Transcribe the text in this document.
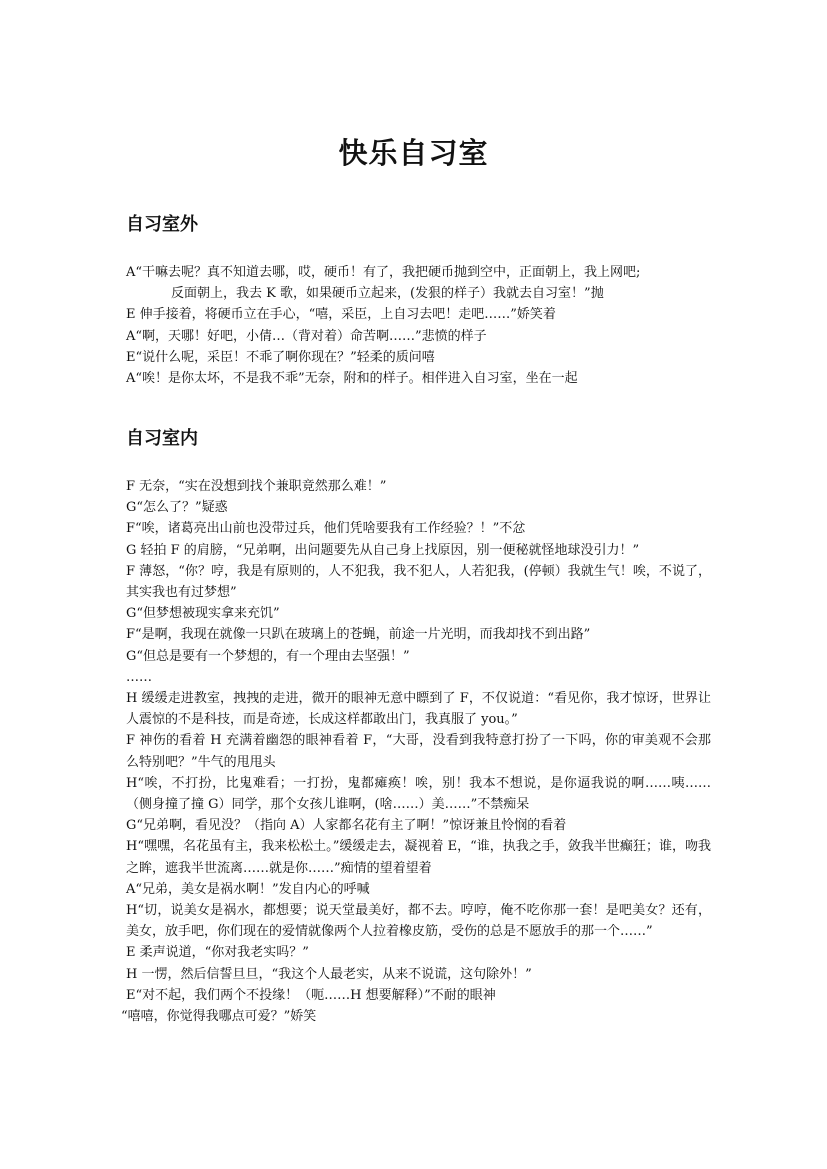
快乐自习室
自习室外

A“干嘛去呢？真不知道去哪，哎，硬币！有了，我把硬币抛到空中，正面朝上，我上网吧;

反面朝上，我去 K 歌，如果硬币立起来，(发狠的样子）我就去自习室！”抛

E 伸手接着，将硬币立在手心，“嘻，采臣，上自习去吧！走吧……”娇笑着

A“啊，天哪！好吧，小倩…（背对着）命苦啊……”悲愤的样子

E“说什么呢，采臣！不乖了啊你现在？”轻柔的质问嘻

A“唉！是你太坏，不是我不乖”无奈，附和的样子。相伴进入自习室，坐在一起

自习室内

F 无奈，“实在没想到找个兼职竟然那么难！”

G“怎么了？”疑惑

F“唉，诸葛亮出山前也没带过兵，他们凭啥要我有工作经验？！”不忿

G 轻拍 F 的肩膀，“兄弟啊，出问题要先从自己身上找原因，别一便秘就怪地球没引力！”

F 薄怒，“你？哼，我是有原则的，人不犯我，我不犯人，人若犯我，(停顿）我就生气！唉，不说了，其实我也有过梦想”

G“但梦想被现实拿来充饥”

F“是啊，我现在就像一只趴在玻璃上的苍蝇，前途一片光明，而我却找不到出路”

G“但总是要有一个梦想的，有一个理由去坚强！”

……

H 缓缓走进教室，拽拽的走进，微开的眼神无意中瞟到了 F，不仅说道：“看见你，我才惊讶，世界让人震惊的不是科技，而是奇迹，长成这样都敢出门，我真服了 you。”

F 神伤的看着 H 充满着幽怨的眼神看着 F，“大哥，没看到我特意打扮了一下吗，你的审美观不会那么特别吧？”牛气的甩甩头

H“唉，不打扮，比鬼难看；一打扮，鬼都瘫痪！唉，别！我本不想说，是你逼我说的啊……咦……（侧身撞了撞 G）同学，那个女孩儿谁啊，(啥……）美……”不禁痴呆

G“兄弟啊，看见没？（指向 A）人家都名花有主了啊！”惊讶兼且怜悯的看着

H“嘿嘿，名花虽有主，我来松松土。”缓缓走去，凝视着 E，“谁，执我之手，敛我半世癫狂；谁，吻我之眸，遮我半世流离……就是你……”痴情的望着望着

A“兄弟，美女是祸水啊！”发自内心的呼喊

H“切，说美女是祸水，都想要；说天堂最美好，都不去。哼哼，俺不吃你那一套！是吧美女？还有，美女，放手吧，你们现在的爱情就像两个人拉着橡皮筋，受伤的总是不愿放手的那一个……”

E 柔声说道，“你对我老实吗？”

H 一愣，然后信誓旦旦，“我这个人最老实，从来不说谎，这句除外！”

E“对不起，我们两个不投缘！（呃……H 想要解释）”不耐的眼神

“嘻嘻，你觉得我哪点可爱？”娇笑
